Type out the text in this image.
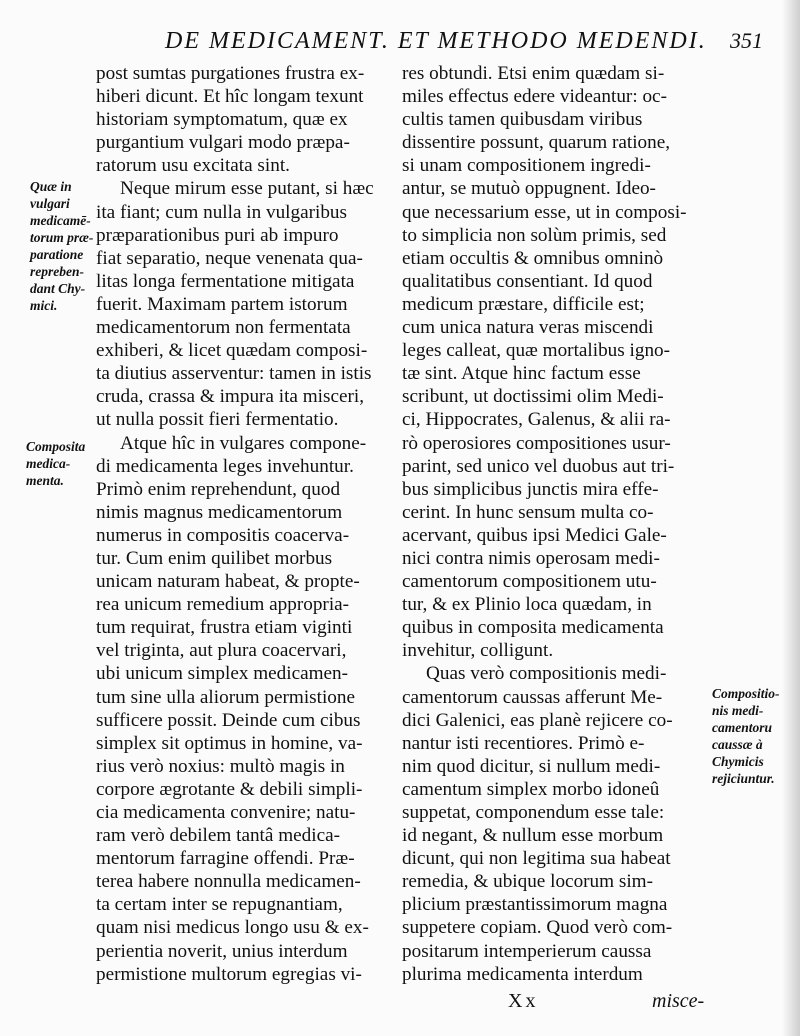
DE MEDICAMENT. ET METHODO MEDENDI. 351
post sumtas purgationes frustra ex-
hiberi dicunt. Et hîc longam texunt
historiam symptomatum, quæ ex
purgantium vulgari modo præpa-
ratorum usu excitata sint.
Neque mirum esse putant, si hæc
ita fiant; cum nulla in vulgaribus
præparationibus puri ab impuro
fiat separatio, neque venenata qua-
litas longa fermentatione mitigata
fuerit. Maximam partem istorum
medicamentorum non fermentata
exhiberi, & licet quædam composi-
ta diutius asserventur: tamen in istis
cruda, crassa & impura ita misceri,
ut nulla possit fieri fermentatio.
Atque hîc in vulgares compone-
di medicamenta leges invehuntur.
Primò enim reprehendunt, quod
nimis magnus medicamentorum
numerus in compositis coacerva-
tur. Cum enim quilibet morbus
unicam naturam habeat, & propte-
rea unicum remedium appropria-
tum requirat, frustra etiam viginti
vel triginta, aut plura coacervari,
ubi unicum simplex medicamen-
tum sine ulla aliorum permistione
sufficere possit. Deinde cum cibus
simplex sit optimus in homine, va-
rius verò noxius: multò magis in
corpore ægrotante & debili simpli-
cia medicamenta convenire; natu-
ram verò debilem tantâ medica-
mentorum farragine offendi. Præ-
terea habere nonnulla medicamen-
ta certam inter se repugnantiam,
quam nisi medicus longo usu & ex-
perientia noverit, unius interdum
permistione multorum egregias vi-
res obtundi. Etsi enim quædam si-
miles effectus edere videantur: oc-
cultis tamen quibusdam viribus
dissentire possunt, quarum ratione,
si unam compositionem ingredi-
antur, se mutuò oppugnent. Ideo-
que necessarium esse, ut in composi-
to simplicia non solùm primis, sed
etiam occultis & omnibus omninò
qualitatibus consentiant. Id quod
medicum præstare, difficile est;
cum unica natura veras miscendi
leges calleat, quæ mortalibus igno-
tæ sint. Atque hinc factum esse
scribunt, ut doctissimi olim Medi-
ci, Hippocrates, Galenus, & alii ra-
rò operosiores compositiones usur-
parint, sed unico vel duobus aut tri-
bus simplicibus junctis mira effe-
cerint. In hunc sensum multa co-
acervant, quibus ipsi Medici Gale-
nici contra nimis operosam medi-
camentorum compositionem utu-
tur, & ex Plinio loca quædam, in
quibus in composita medicamenta
invehitur, colligunt.
Quas verò compositionis medi-
camentorum caussas afferunt Me-
dici Galenici, eas planè rejicere co-
nantur isti recentiores. Primò e-
nim quod dicitur, si nullum medi-
camentum simplex morbo idoneû
suppetat, componendum esse tale:
id negant, & nullum esse morbum
dicunt, qui non legitima sua habeat
remedia, & ubique locorum sim-
plicium præstantissimorum magna
suppetere copiam. Quod verò com-
positarum intemperierum caussa
plurima medicamenta interdum
Quæ in
vulgari
medicamē-
torum præ-
paratione
repreben-
dant Chy-
mici.
Composita
medica-
menta.
Compositio-
nis medi-
camentoru
caussæ à
Chymicis
rejiciuntur.
Xx	misce-
